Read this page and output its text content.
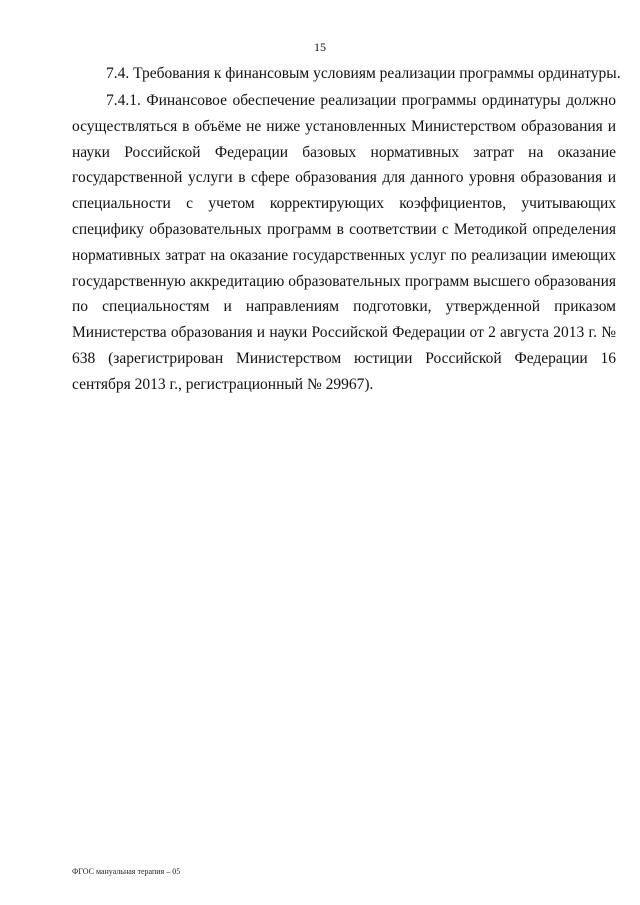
15
7.4. Требования к финансовым условиям реализации программы ординатуры.

7.4.1. Финансовое обеспечение реализации программы ординатуры должно осуществляться в объёме не ниже установленных Министерством образования и науки Российской Федерации базовых нормативных затрат на оказание государственной услуги в сфере образования для данного уровня образования и специальности с учетом корректирующих коэффициентов, учитывающих специфику образовательных программ в соответствии с Методикой определения нормативных затрат на оказание государственных услуг по реализации имеющих государственную аккредитацию образовательных программ высшего образования по специальностям и направлениям подготовки, утвержденной приказом Министерства образования и науки Российской Федерации от 2 августа 2013 г. № 638 (зарегистрирован Министерством юстиции Российской Федерации 16 сентября 2013 г., регистрационный № 29967).

ФГОС мануальная терапия – 05
